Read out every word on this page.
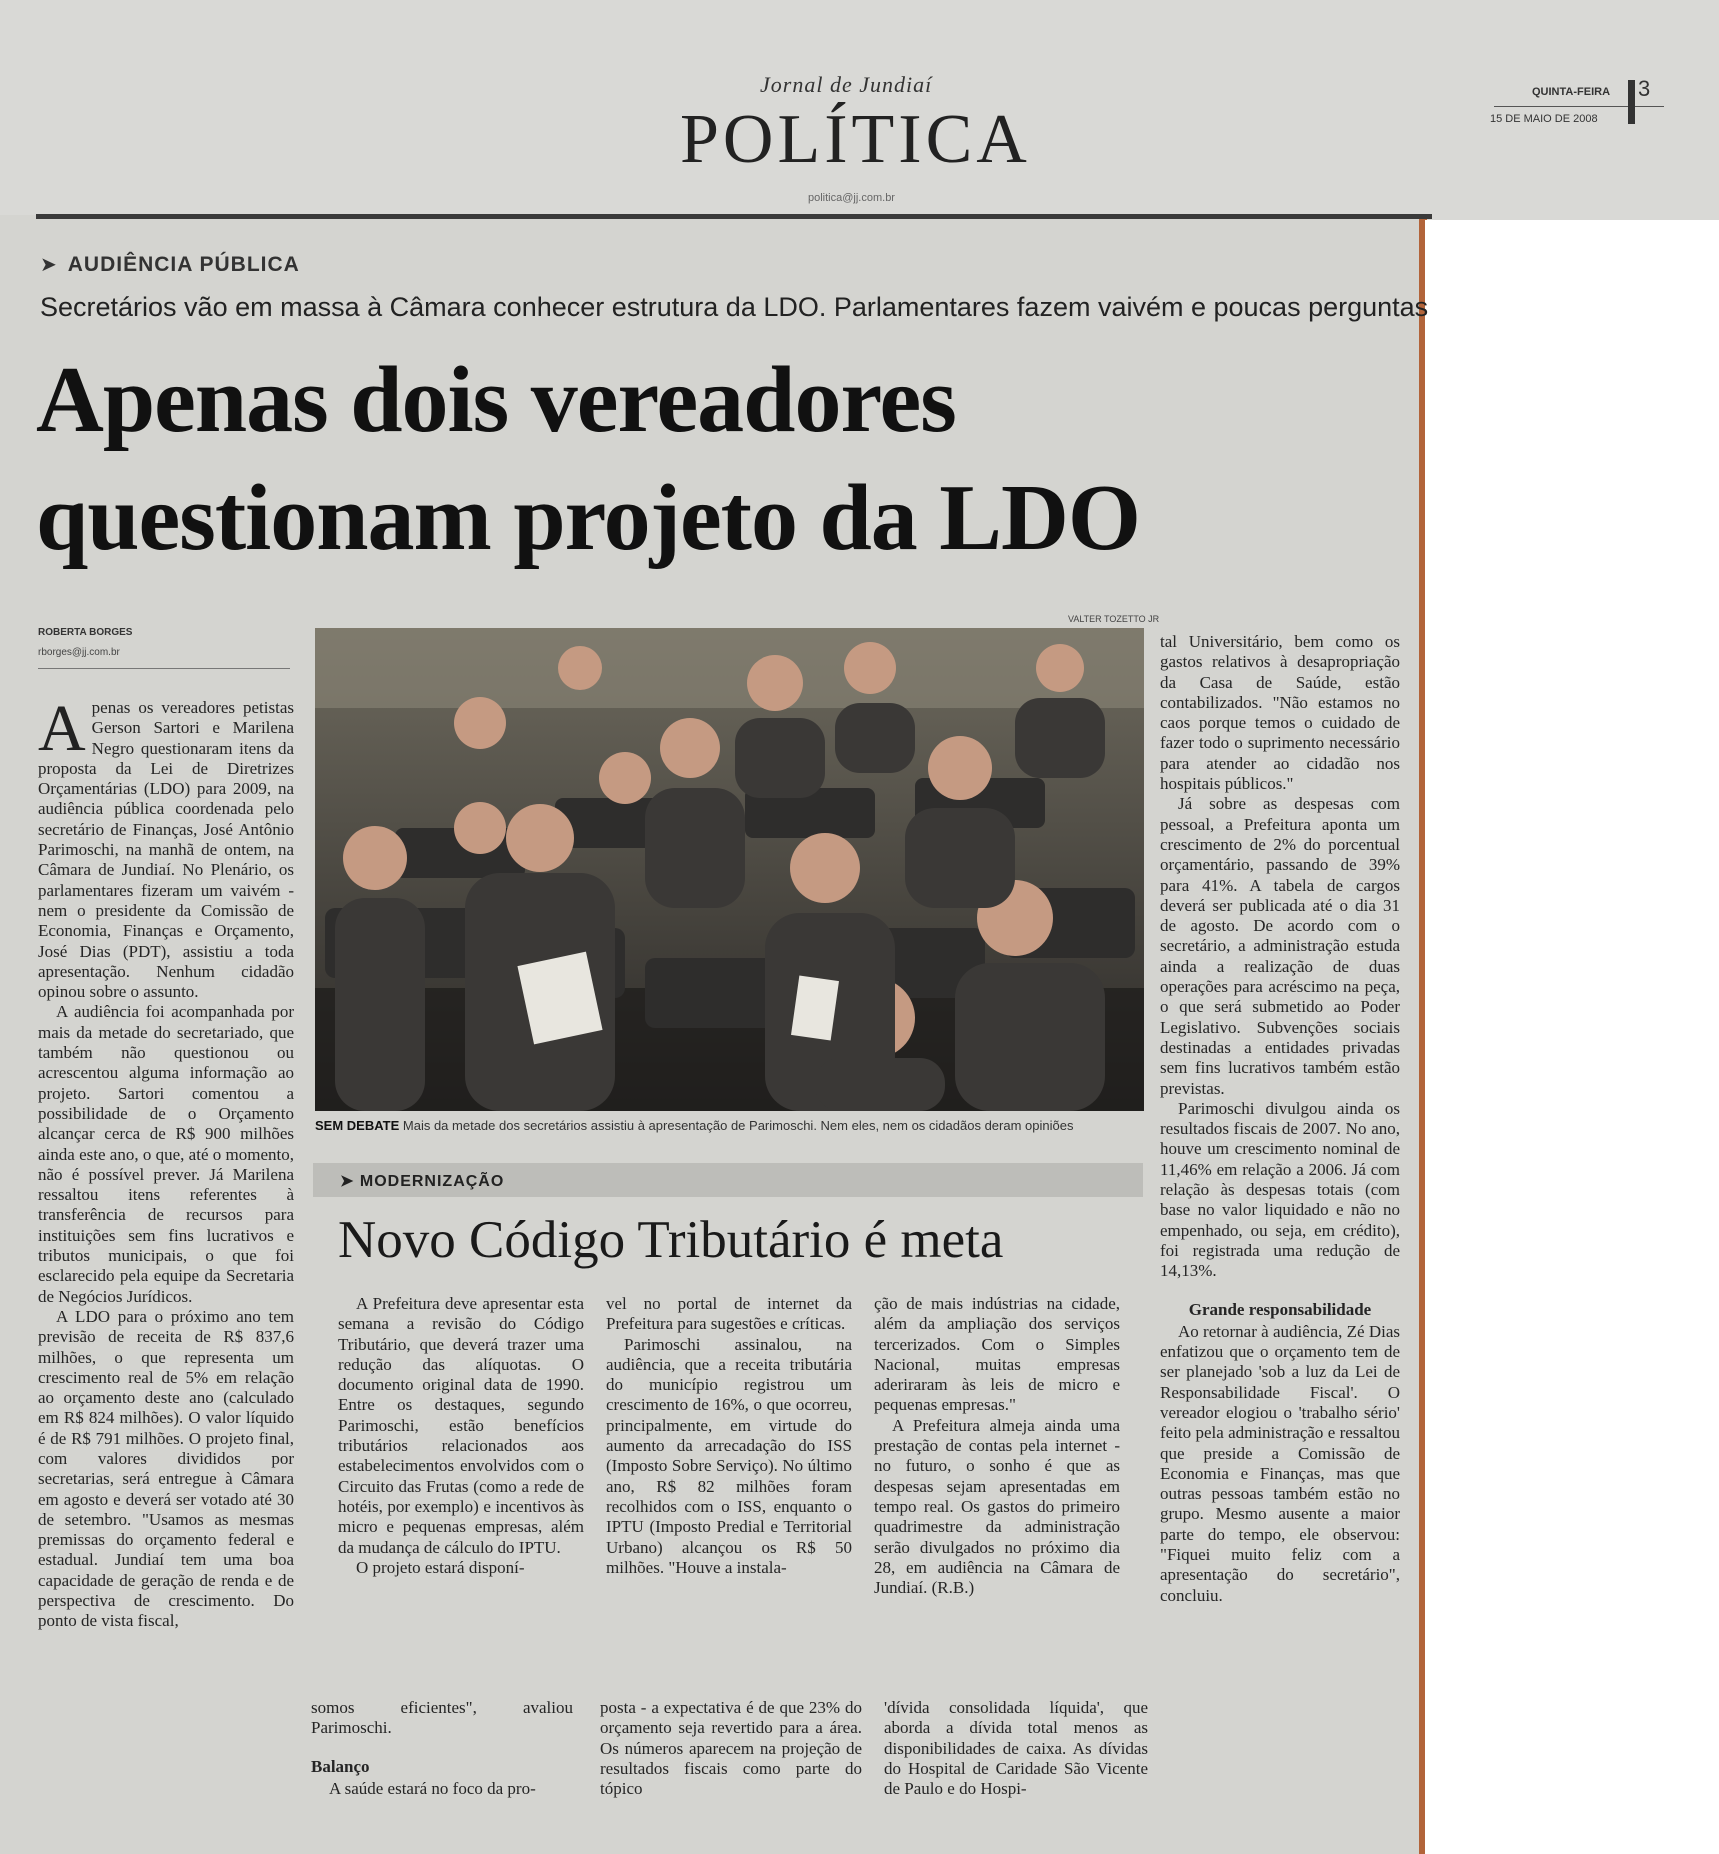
Jornal de Jundiaí
POLÍTICA
politica@jj.com.br
QUINTA-FEIRA
15 DE MAIO DE 2008
3
➤ AUDIÊNCIA PÚBLICA
Secretários vão em massa à Câmara conhecer estrutura da LDO. Parlamentares fazem vaivém e poucas perguntas
Apenas dois vereadores
questionam projeto da LDO
ROBERTA BORGES
rborges@jj.com.br

Apenas os vereadores petistas Gerson Sartori e Marilena Negro questionaram itens da proposta da Lei de Diretrizes Orçamentárias (LDO) para 2009, na audiência pública coordenada pelo secretário de Finanças, José Antônio Parimoschi, na manhã de ontem, na Câmara de Jundiaí. No Plenário, os parlamentares fizeram um vaivém - nem o presidente da Comissão de Economia, Finanças e Orçamento, José Dias (PDT), assistiu a toda apresentação. Nenhum cidadão opinou sobre o assunto.

A audiência foi acompanhada por mais da metade do secretariado, que também não questionou ou acrescentou alguma informação ao projeto. Sartori comentou a possibilidade de o Orçamento alcançar cerca de R$ 900 milhões ainda este ano, o que, até o momento, não é possível prever. Já Marilena ressaltou itens referentes à transferência de recursos para instituições sem fins lucrativos e tributos municipais, o que foi esclarecido pela equipe da Secretaria de Negócios Jurídicos.

A LDO para o próximo ano tem previsão de receita de R$ 837,6 milhões, o que representa um crescimento real de 5% em relação ao orçamento deste ano (calculado em R$ 824 milhões). O valor líquido é de R$ 791 milhões. O projeto final, com valores divididos por secretarias, será entregue à Câmara em agosto e deverá ser votado até 30 de setembro. "Usamos as mesmas premissas do orçamento federal e estadual. Jundiaí tem uma boa capacidade de geração de renda e de perspectiva de crescimento. Do ponto de vista fiscal,

VALTER TOZETTO JR
SEM DEBATE Mais da metade dos secretários assistiu à apresentação de Parimoschi. Nem eles, nem os cidadãos deram opiniões
➤ MODERNIZAÇÃO
Novo Código Tributário é meta

A Prefeitura deve apresentar esta semana a revisão do Código Tributário, que deverá trazer uma redução das alíquotas. O documento original data de 1990. Entre os destaques, segundo Parimoschi, estão benefícios tributários relacionados aos estabelecimentos envolvidos com o Circuito das Frutas (como a rede de hotéis, por exemplo) e incentivos às micro e pequenas empresas, além da mudança de cálculo do IPTU.

O projeto estará disponí-

vel no portal de internet da Prefeitura para sugestões e críticas.

Parimoschi assinalou, na audiência, que a receita tributária do município registrou um crescimento de 16%, o que ocorreu, principalmente, em virtude do aumento da arrecadação do ISS (Imposto Sobre Serviço). No último ano, R$ 82 milhões foram recolhidos com o ISS, enquanto o IPTU (Imposto Predial e Territorial Urbano) alcançou os R$ 50 milhões. "Houve a instala-

ção de mais indústrias na cidade, além da ampliação dos serviços tercerizados. Com o Simples Nacional, muitas empresas aderiraram às leis de micro e pequenas empresas."

A Prefeitura almeja ainda uma prestação de contas pela internet - no futuro, o sonho é que as despesas sejam apresentadas em tempo real. Os gastos do primeiro quadrimestre da administração serão divulgados no próximo dia 28, em audiência na Câmara de Jundiaí. (R.B.)

somos eficientes", avaliou Parimoschi.

Balanço

A saúde estará no foco da pro-

posta - a expectativa é de que 23% do orçamento seja revertido para a área. Os números aparecem na projeção de resultados fiscais como parte do tópico

'dívida consolidada líquida', que aborda a dívida total menos as disponibilidades de caixa. As dívidas do Hospital de Caridade São Vicente de Paulo e do Hospi-

tal Universitário, bem como os gastos relativos à desapropriação da Casa de Saúde, estão contabilizados. "Não estamos no caos porque temos o cuidado de fazer todo o suprimento necessário para atender ao cidadão nos hospitais públicos."

Já sobre as despesas com pessoal, a Prefeitura aponta um crescimento de 2% do porcentual orçamentário, passando de 39% para 41%. A tabela de cargos deverá ser publicada até o dia 31 de agosto. De acordo com o secretário, a administração estuda ainda a realização de duas operações para acréscimo na peça, o que será submetido ao Poder Legislativo. Subvenções sociais destinadas a entidades privadas sem fins lucrativos também estão previstas.

Parimoschi divulgou ainda os resultados fiscais de 2007. No ano, houve um crescimento nominal de 11,46% em relação a 2006. Já com relação às despesas totais (com base no valor liquidado e não no empenhado, ou seja, em crédito), foi registrada uma redução de 14,13%.

Grande responsabilidade

Ao retornar à audiência, Zé Dias enfatizou que o orçamento tem de ser planejado 'sob a luz da Lei de Responsabilidade Fiscal'. O vereador elogiou o 'trabalho sério' feito pela administração e ressaltou que preside a Comissão de Economia e Finanças, mas que outras pessoas também estão no grupo. Mesmo ausente a maior parte do tempo, ele observou: "Fiquei muito feliz com a apresentação do secretário", concluiu.
